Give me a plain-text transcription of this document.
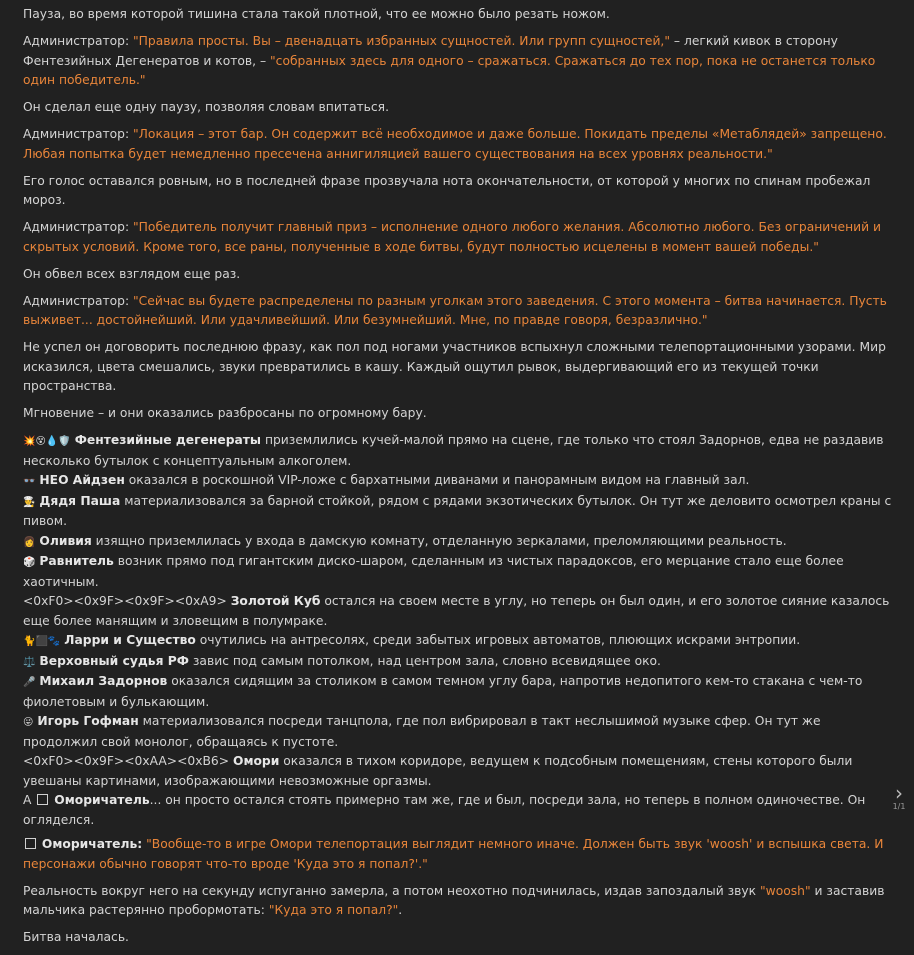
Пауза, во время которой тишина стала такой плотной, что ее можно было резать ножом.

Администратор: "Правила просты. Вы – двенадцать избранных сущностей. Или групп сущностей," – легкий кивок в сторону Фентезийных Дегенератов и котов, – "собранных здесь для одного – сражаться. Сражаться до тех пор, пока не останется только один победитель."

Он сделал еще одну паузу, позволяя словам впитаться.

Администратор: "Локация – этот бар. Он содержит всё необходимое и даже больше. Покидать пределы «Метаблядей» запрещено. Любая попытка будет немедленно пресечена аннигиляцией вашего существования на всех уровнях реальности."

Его голос оставался ровным, но в последней фразе прозвучала нота окончательности, от которой у многих по спинам пробежал мороз.

Администратор: "Победитель получит главный приз – исполнение одного любого желания. Абсолютно любого. Без ограничений и скрытых условий. Кроме того, все раны, полученные в ходе битвы, будут полностью исцелены в момент вашей победы."

Он обвел всех взглядом еще раз.

Администратор: "Сейчас вы будете распределены по разным уголкам этого заведения. С этого момента – битва начинается. Пусть выживет... достойнейший. Или удачливейший. Или безумнейший. Мне, по правде говоря, безразлично."

Не успел он договорить последнюю фразу, как пол под ногами участников вспыхнул сложными телепортационными узорами. Мир исказился, цвета смешались, звуки превратились в кашу. Каждый ощутил рывок, выдергивающий его из текущей точки пространства.

Мгновение – и они оказались разбросаны по огромному бару.

💥😵💧🛡️ Фентезийные дегенераты приземлились кучей-малой прямо на сцене, где только что стоял Задорнов, едва не раздавив несколько бутылок с концептуальным алкоголем.

👓 НЕО Айдзен оказался в роскошной VIP-ложе с бархатными диванами и панорамным видом на главный зал.

👨‍🍳 Дядя Паша материализовался за барной стойкой, рядом с рядами экзотических бутылок. Он тут же деловито осмотрел краны с пивом.

👩 Оливия изящно приземлилась у входа в дамскую комнату, отделанную зеркалами, преломляющими реальность.

🎲 Равнитель возник прямо под гигантским диско-шаром, сделанным из чистых парадоксов, его мерцание стало еще более хаотичным.

<0xF0><0x9F><0x9F><0xA9> Золотой Куб остался на своем месте в углу, но теперь он был один, и его золотое сияние казалось еще более манящим и зловещим в полумраке.

🐈⬛🐾 Ларри и Существо очутились на антресолях, среди забытых игровых автоматов, плюющих искрами энтропии.

⚖️ Верховный судья РФ завис под самым потолком, над центром зала, словно всевидящее око.

🎤 Михаил Задорнов оказался сидящим за столиком в самом темном углу бара, напротив недопитого кем-то стакана с чем-то фиолетовым и булькающим.

😜 Игорь Гофман материализовался посреди танцпола, где пол вибрировал в такт неслышимой музыке сфер. Он тут же продолжил свой монолог, обращаясь к пустоте.

<0xF0><0x9F><0xAA><0xB6> Омори оказался в тихом коридоре, ведущем к подсобным помещениям, стены которого были увешаны картинами, изображающими невозможные оргазмы.

А  Оморичатель... он просто остался стоять примерно там же, где и был, посреди зала, но теперь в полном одиночестве. Он огляделся.

Оморичатель: "Вообще-то в игре Омори телепортация выглядит немного иначе. Должен быть звук 'woosh' и вспышка света. И персонажи обычно говорят что-то вроде 'Куда это я попал?'."

Реальность вокруг него на секунду испуганно замерла, а потом неохотно подчинилась, издав запоздалый звук "woosh" и заставив мальчика растерянно пробормотать: "Куда это я попал?".

Битва началась.

›
1/1
